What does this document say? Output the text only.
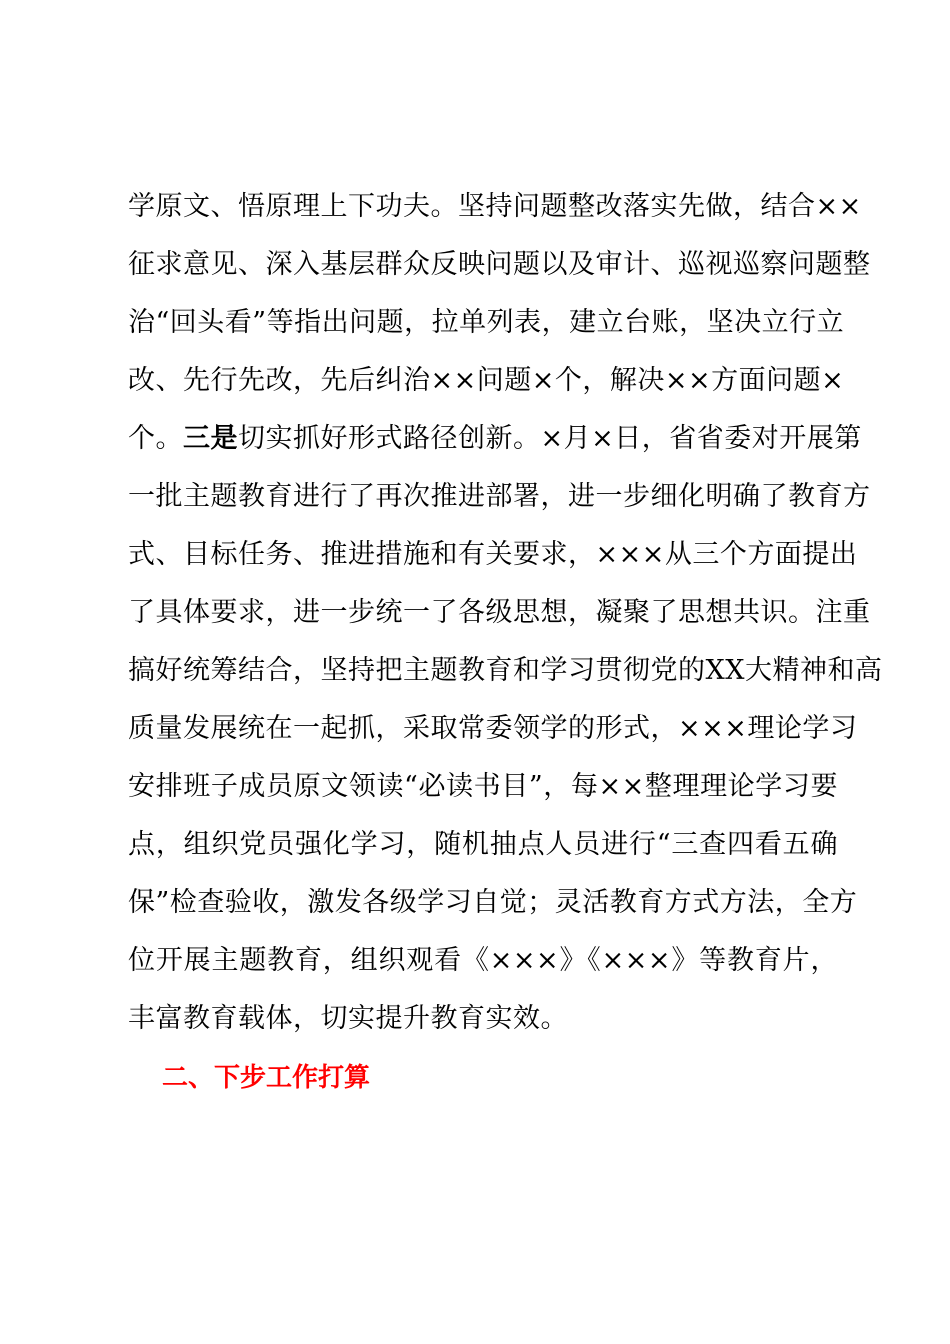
学原文、悟原理上下功夫。坚持问题整改落实先做，结合××
征求意见、深入基层群众反映问题以及审计、巡视巡察问题整
治“回头看”等指出问题，拉单列表，建立台账，坚决立行立
改、先行先改，先后纠治××问题×个，解决××方面问题×
个。三是切实抓好形式路径创新。×月×日，省省委对开展第
一批主题教育进行了再次推进部署，进一步细化明确了教育方
式、目标任务、推进措施和有关要求，×××从三个方面提出
了具体要求，进一步统一了各级思想，凝聚了思想共识。注重
搞好统筹结合，坚持把主题教育和学习贯彻党的XX大精神和高
质量发展统在一起抓，采取常委领学的形式，×××理论学习
安排班子成员原文领读“必读书目”，每××整理理论学习要
点，组织党员强化学习，随机抽点人员进行“三查四看五确
保”检查验收，激发各级学习自觉；灵活教育方式方法，全方
位开展主题教育，组织观看《×××》《×××》等教育片，
丰富教育载体，切实提升教育实效。
二、下步工作打算
